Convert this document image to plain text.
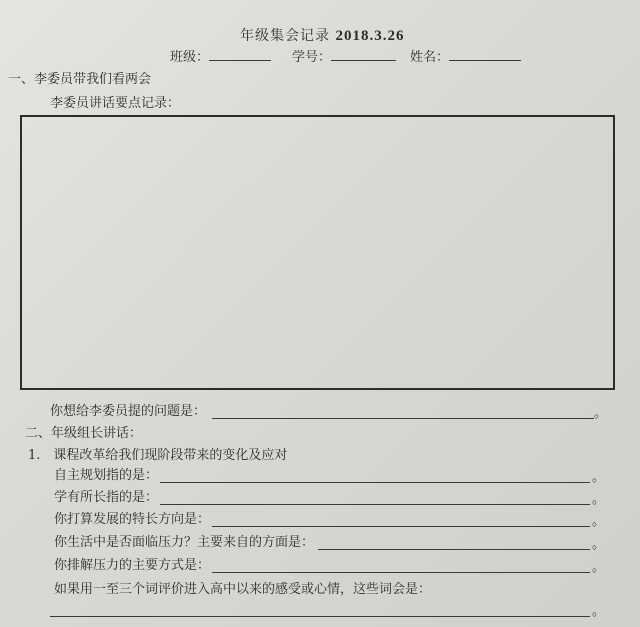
年级集会记录 2018.3.26
班级：	学号：	姓名：
一、李委员带我们看两会
李委员讲话要点记录：
你想给李委员提的问题是：	。
二、年级组长讲话：
1.　课程改革给我们现阶段带来的变化及应对
自主规划指的是：	。
学有所长指的是：	。
你打算发展的特长方向是：	。
你生活中是否面临压力？主要来自的方面是：	。
你排解压力的主要方式是：	。
如果用一至三个词评价进入高中以来的感受或心情，这些词会是：
。
